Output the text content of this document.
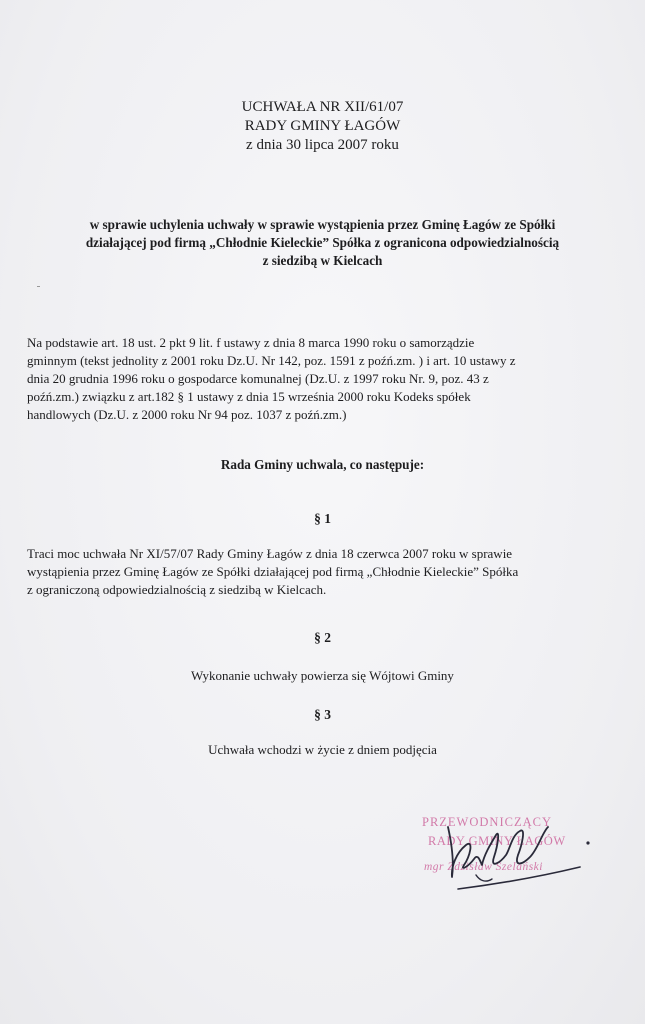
UCHWAŁA NR XII/61/07
RADY GMINY ŁAGÓW
z dnia 30 lipca 2007 roku
w sprawie uchylenia uchwały w sprawie wystąpienia przez Gminę Łagów ze Spółki
działającej pod firmą „Chłodnie Kieleckie” Spółka z ogranicona odpowiedzialnością
z siedzibą w Kielcach
Na podstawie art. 18 ust. 2 pkt 9 lit. f ustawy z dnia 8 marca 1990 roku o samorządzie
gminnym (tekst jednolity z 2001 roku Dz.U. Nr 142, poz. 1591 z poźń.zm. ) i art. 10 ustawy z
dnia 20 grudnia 1996 roku o gospodarce komunalnej (Dz.U. z 1997 roku Nr. 9, poz. 43 z
poźń.zm.) związku z art.182 § 1 ustawy z dnia 15 września 2000 roku Kodeks spółek
handlowych (Dz.U. z 2000 roku Nr 94 poz. 1037 z poźń.zm.)
Rada Gminy uchwala, co następuje:
§ 1
Traci moc uchwała Nr XI/57/07 Rady Gminy Łagów z dnia 18 czerwca 2007 roku w sprawie
wystąpienia przez Gminę Łagów ze Spółki działającej pod firmą „Chłodnie Kieleckie” Spółka
z ograniczoną odpowiedzialnością z siedzibą w Kielcach.
§ 2
Wykonanie uchwały powierza się Wójtowi Gminy
§ 3
Uchwała wchodzi w życie z dniem podjęcia
PRZEWODNICZĄCY
RADY GMINY ŁAGÓW
mgr Zdzisław Szelański
